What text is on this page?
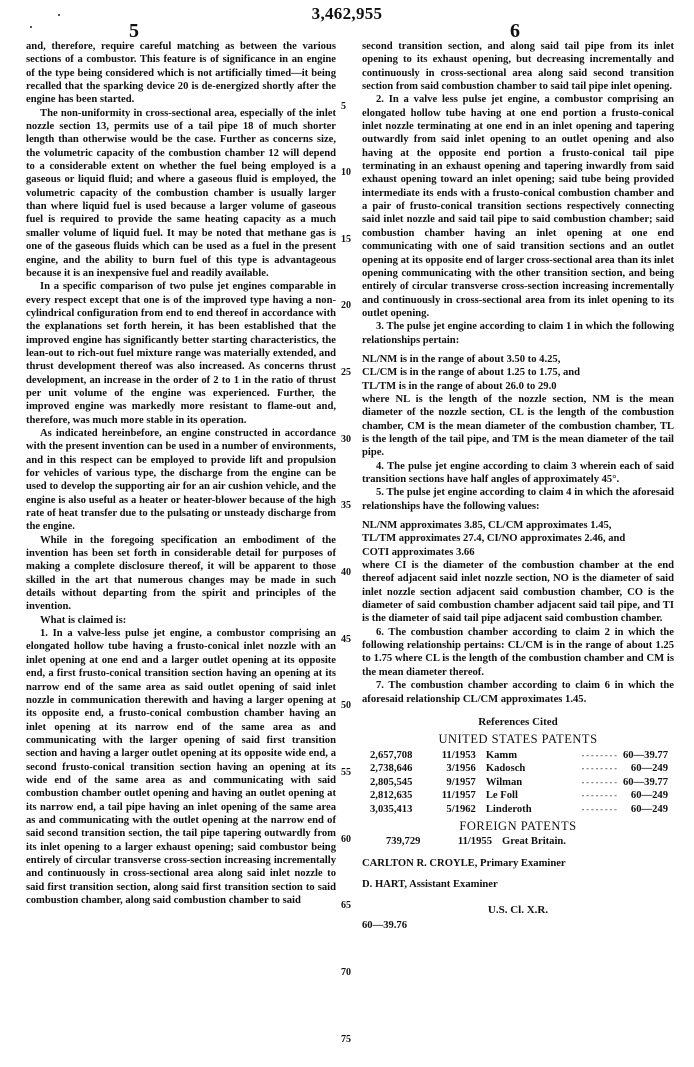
3,462,955
5	6

and, therefore, require careful matching as between the various sections of a combustor. This feature is of significance in an engine of the type being considered which is not artificially timed—it being recalled that the sparking device 20 is de-energized shortly after the engine has been started.

The non-uniformity in cross-sectional area, especially of the inlet nozzle section 13, permits use of a tail pipe 18 of much shorter length than otherwise would be the case. Further as concerns size, the volumetric capacity of the combustion chamber 12 will depend to a considerable extent on whether the fuel being employed is a gaseous or liquid fluid; and where a gaseous fluid is employed, the volumetric capacity of the combustion chamber is usually larger than where liquid fuel is used because a larger volume of gaseous fuel is required to provide the same heating capacity as a much smaller volume of liquid fuel. It may be noted that methane gas is one of the gaseous fluids which can be used as a fuel in the present engine, and the ability to burn fuel of this type is advantageous because it is an inexpensive fuel and readily available.

In a specific comparison of two pulse jet engines comparable in every respect except that one is of the improved type having a non-cylindrical configuration from end to end thereof in accordance with the explanations set forth herein, it has been established that the improved engine has significantly better starting characteristics, the lean-out to rich-out fuel mixture range was materially extended, and thrust development thereof was also increased. As concerns thrust development, an increase in the order of 2 to 1 in the ratio of thrust per unit volume of the engine was experienced. Further, the improved engine was markedly more resistant to flame-out and, therefore, was much more stable in its operation.

As indicated hereinbefore, an engine constructed in accordance with the present invention can be used in a number of environments, and in this respect can be employed to provide lift and propulsion for vehicles of various type, the discharge from the engine can be used to develop the supporting air for an air cushion vehicle, and the engine is also useful as a heater or heater-blower because of the high rate of heat transfer due to the pulsating or unsteady discharge from the engine.

While in the foregoing specification an embodiment of the invention has been set forth in considerable detail for purposes of making a complete disclosure thereof, it will be apparent to those skilled in the art that numerous changes may be made in such details without departing from the spirit and principles of the invention.

What is claimed is:

1. In a valve-less pulse jet engine, a combustor comprising an elongated hollow tube having a frusto-conical inlet nozzle with an inlet opening at one end and a larger outlet opening at its opposite end, a first frusto-conical transition section having an opening at its narrow end of the same area as said outlet opening of said inlet nozzle in communication therewith and having a larger opening at its opposite end, a frusto-conical combustion chamber having an inlet opening at its narrow end of the same area as and communicating with the larger opening of said first transition section and having a larger outlet opening at its opposite wide end, a second frusto-conical transition section having an opening at its wide end of the same area as and communicating with said combustion chamber outlet opening and having an outlet opening at its narrow end, a tail pipe having an inlet opening of the same area as and communicating with the outlet opening at the narrow end of said second transition section, the tail pipe tapering outwardly from its inlet opening to a larger exhaust opening; said combustor being entirely of circular transverse cross-section increasing incrementally and continuously in cross-sectional area along said inlet nozzle to said first transition section, along said first transition section to said combustion chamber, along said combustion chamber to said

5
10
15
20
25
30
35
40
45
50
55
60
65
70
75

second transition section, and along said tail pipe from its inlet opening to its exhaust opening, but decreasing incrementally and continuously in cross-sectional area along said second transition section from said combustion chamber to said tail pipe inlet opening.

2. In a valve less pulse jet engine, a combustor comprising an elongated hollow tube having at one end portion a frusto-conical inlet nozzle terminating at one end in an inlet opening and tapering outwardly from said inlet opening to an outlet opening and also having at the opposite end portion a frusto-conical tail pipe terminating in an exhaust opening and tapering inwardly from said exhaust opening toward an inlet opening; said tube being provided intermediate its ends with a frusto-conical combustion chamber and a pair of frusto-conical transition sections respectively connecting said inlet nozzle and said tail pipe to said combustion chamber; said combustion chamber having an inlet opening at one end communicating with one of said transition sections and an outlet opening at its opposite end of larger cross-sectional area than its inlet opening communicating with the other transition section, and being entirely of circular transverse cross-section increasing incrementally and continuously in cross-sectional area from its inlet opening to its outlet opening.

3. The pulse jet engine according to claim 1 in which the following relationships pertain:

NL/NM is in the range of about 3.50 to 4.25,
CL/CM is in the range of about 1.25 to 1.75, and
TL/TM is in the range of about 26.0 to 29.0

where NL is the length of the nozzle section, NM is the mean diameter of the nozzle section, CL is the length of the combustion chamber, CM is the mean diameter of the combustion chamber, TL is the length of the tail pipe, and TM is the mean diameter of the tail pipe.

4. The pulse jet engine according to claim 3 wherein each of said transition sections have half angles of approximately 45°.

5. The pulse jet engine according to claim 4 in which the aforesaid relationships have the following values:

NL/NM approximates 3.85, CL/CM approximates 1.45,
TL/TM approximates 27.4, CI/NO approximates 2.46, and
COTI approximates 3.66

where CI is the diameter of the combustion chamber at the end thereof adjacent said inlet nozzle section, NO is the diameter of said inlet nozzle section adjacent said combustion chamber, CO is the diameter of said combustion chamber adjacent said tail pipe, and TI is the diameter of said tail pipe adjacent said combustion chamber.

6. The combustion chamber according to claim 2 in which the following relationship pertains: CL/CM is in the range of about 1.25 to 1.75 where CL is the length of the combustion chamber and CM is the mean diameter thereof.

7. The combustion chamber according to claim 6 in which the aforesaid relationship CL/CM approximates 1.45.

References Cited
UNITED STATES PATENTS
2,657,708	11/1953	Kamm	- - - - - - - -	60—39.77
2,738,646	3/1956	Kadosch	- - - - - - - -	60—249
2,805,545	9/1957	Wilman	- - - - - - - -	60—39.77
2,812,635	11/1957	Le Foll	- - - - - - - -	60—249
3,035,413	5/1962	Linderoth	- - - - - - - -	60—249
FOREIGN PATENTS
739,729	11/1955	Great Britain.

CARLTON R. CROYLE, Primary Examiner

D. HART, Assistant Examiner

U.S. Cl. X.R.

60—39.76
